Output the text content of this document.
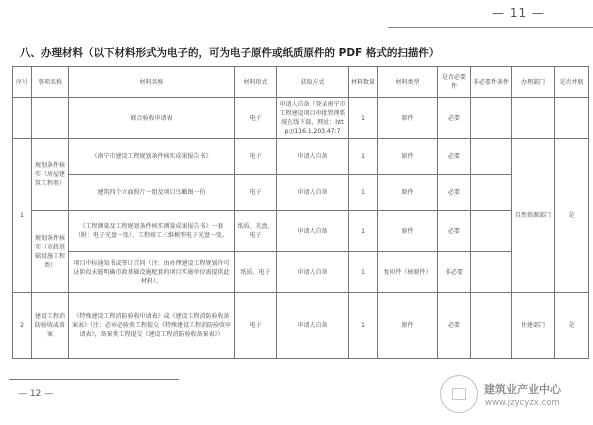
— 11 —
八、办理材料（以下材料形式为电子的，可为电子原件或纸质原件的 PDF 格式的扫描件）
序号	事项名称	材料名称	材料形式	获取方式	材料数量	材料类型	是否必要件	非必要件条件	办理部门	是否并联
		联合验收申请表	电子	申请人自备（登录南宁市工程建设项目审批管理系统在线下载，网址：http://116.1.203.47:7	1	原件	必要			
1	规划条件核实（房屋建筑工程类）	《南宁市建设工程规划条件核实成果报告书》	电子	申请人自备	1	原件	必要		自然资源部门	是
		建筑四个立面照片一组及项目鸟瞰图一份	电子	申请人自备	1	原件	必要			
	规划条件核实（市政基础设施工程类）	《工程测量及工程规划条件核实测量成果报告书》一套（附：电子光盘一张）、工程竣工三维模型电子光盘一张。	纸质、光盘、电子	申请人自备	1	原件	必要			
		项目中标通知书或签订合同（注：由办理建设工程规划许可证阶段未能明确市政基础设施配套的项目实施单位需提供此材料）。	纸质、电子	申请人自备	1	复印件（核原件）	非必要			
2	建设工程消防验收或备案	《特殊建设工程消防验收申请表》或《建设工程消防验收备案表》（注：必审必验类工程提交《特殊建设工程消防验收申请表》，备案类工程提交《建设工程消防验收备案表》）	电子	申请人自备	1	原件	必要		住建部门	是
— 12 —	建筑业产业中心
www.jzycyzx.com
